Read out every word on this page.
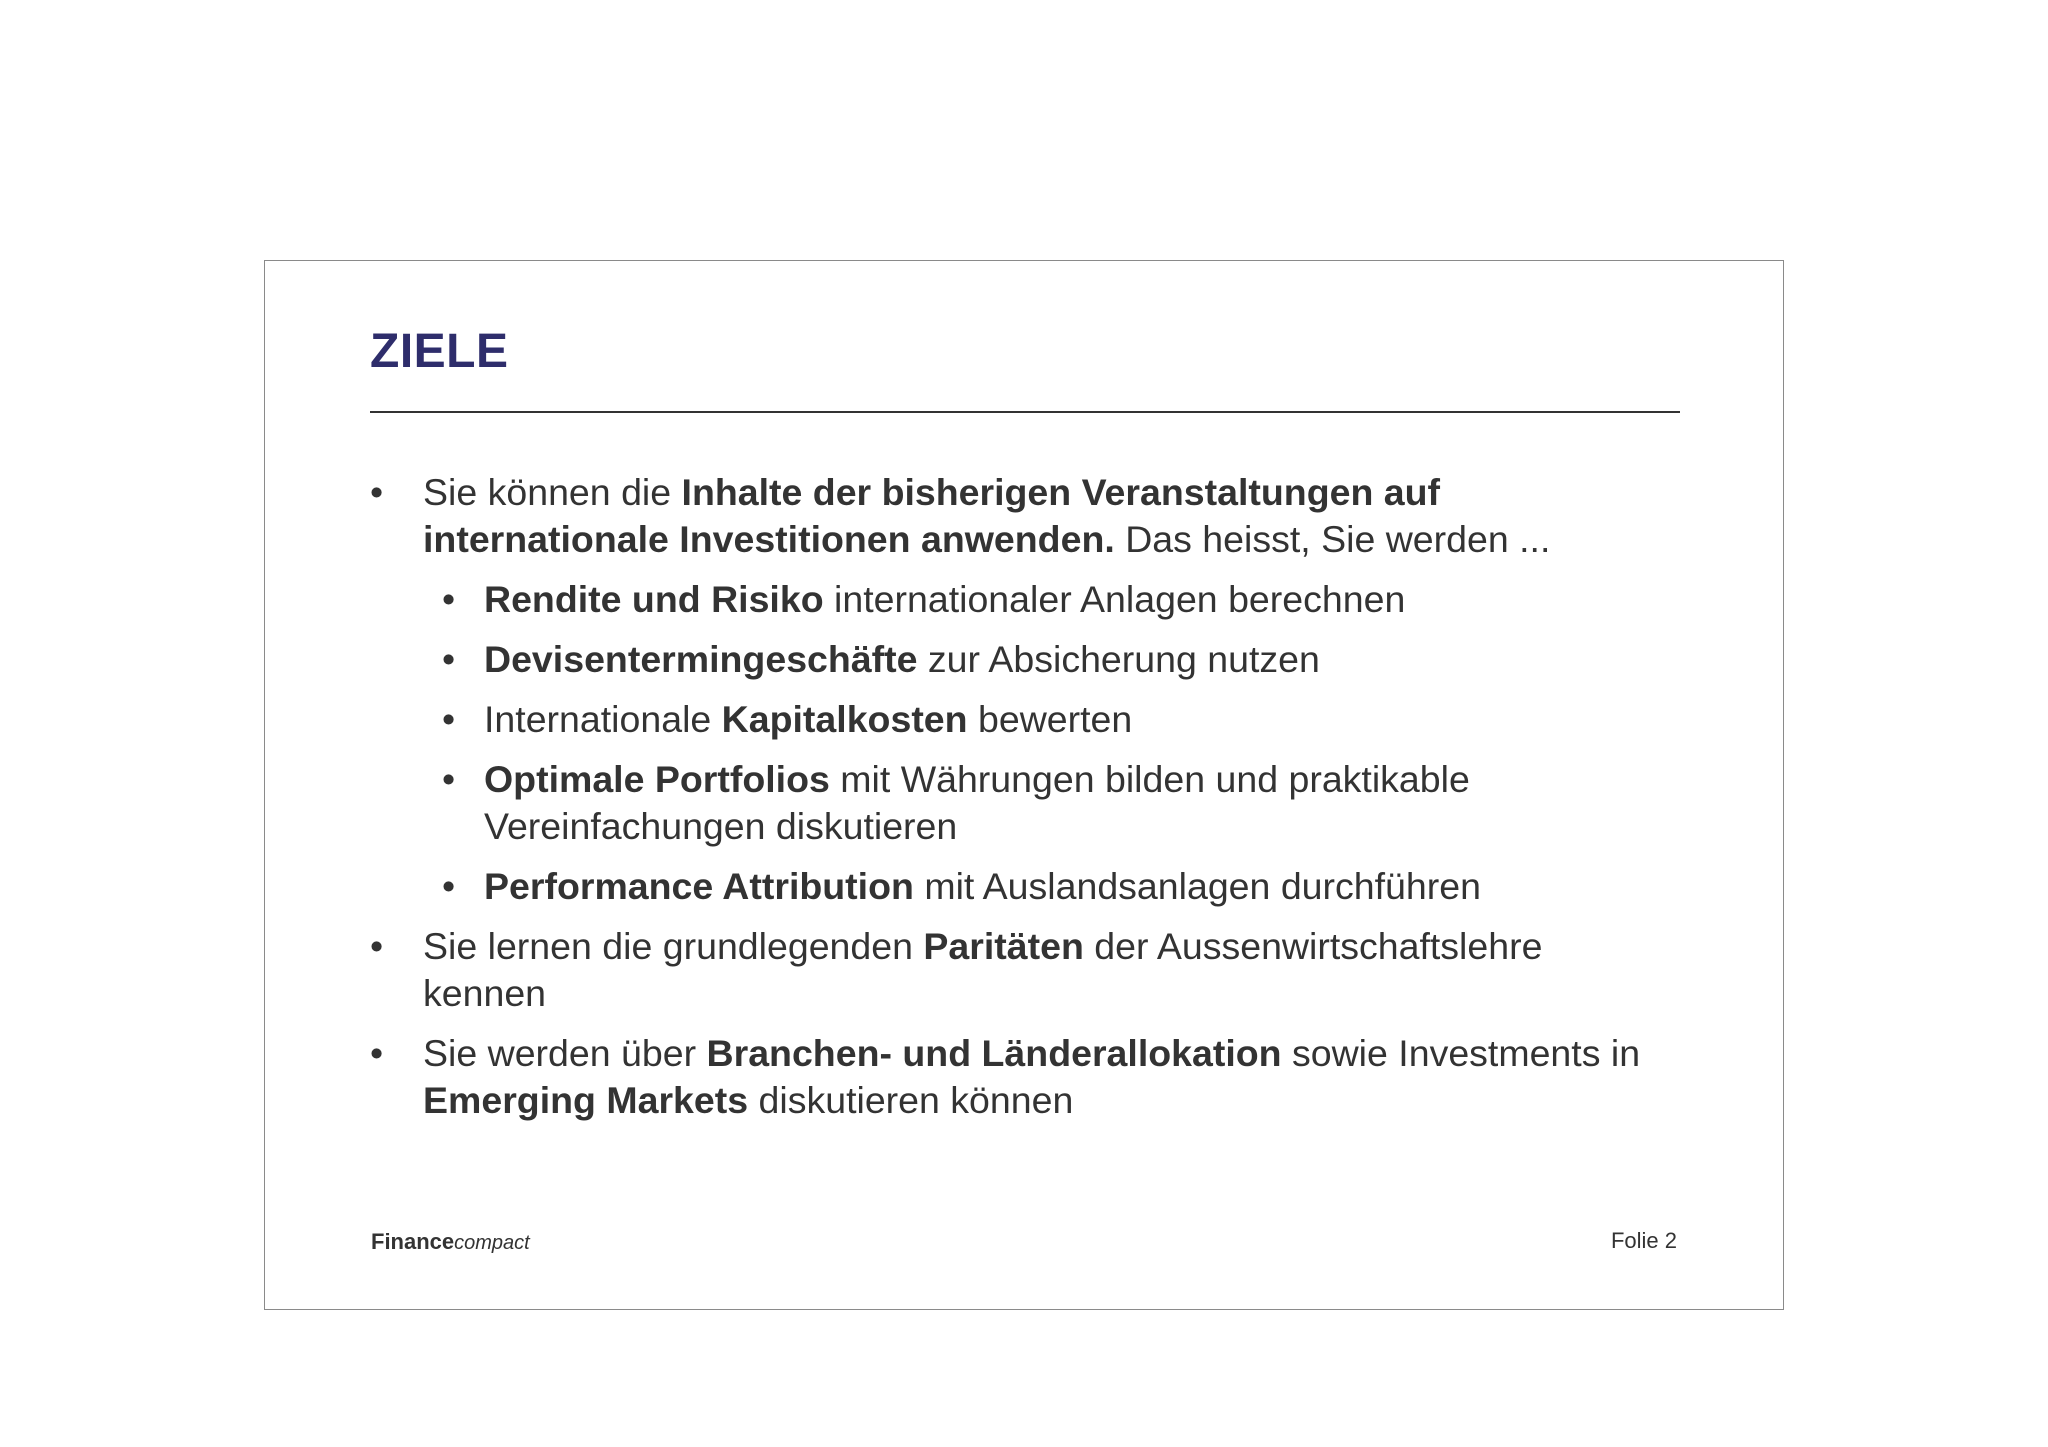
ZIELE
• Sie können die Inhalte der bisherigen Veranstaltungen auf internationale Investitionen anwenden. Das heisst, Sie werden ...
• Rendite und Risiko internationaler Anlagen berechnen
• Devisentermingeschäfte zur Absicherung nutzen
• Internationale Kapitalkosten bewerten
• Optimale Portfolios mit Währungen bilden und praktikable Vereinfachungen diskutieren
• Performance Attribution mit Auslandsanlagen durchführen
• Sie lernen die grundlegenden Paritäten der Aussenwirtschaftslehre kennen
• Sie werden über Branchen- und Länderallokation sowie Investments in Emerging Markets diskutieren können
Financecompact	Folie 2
